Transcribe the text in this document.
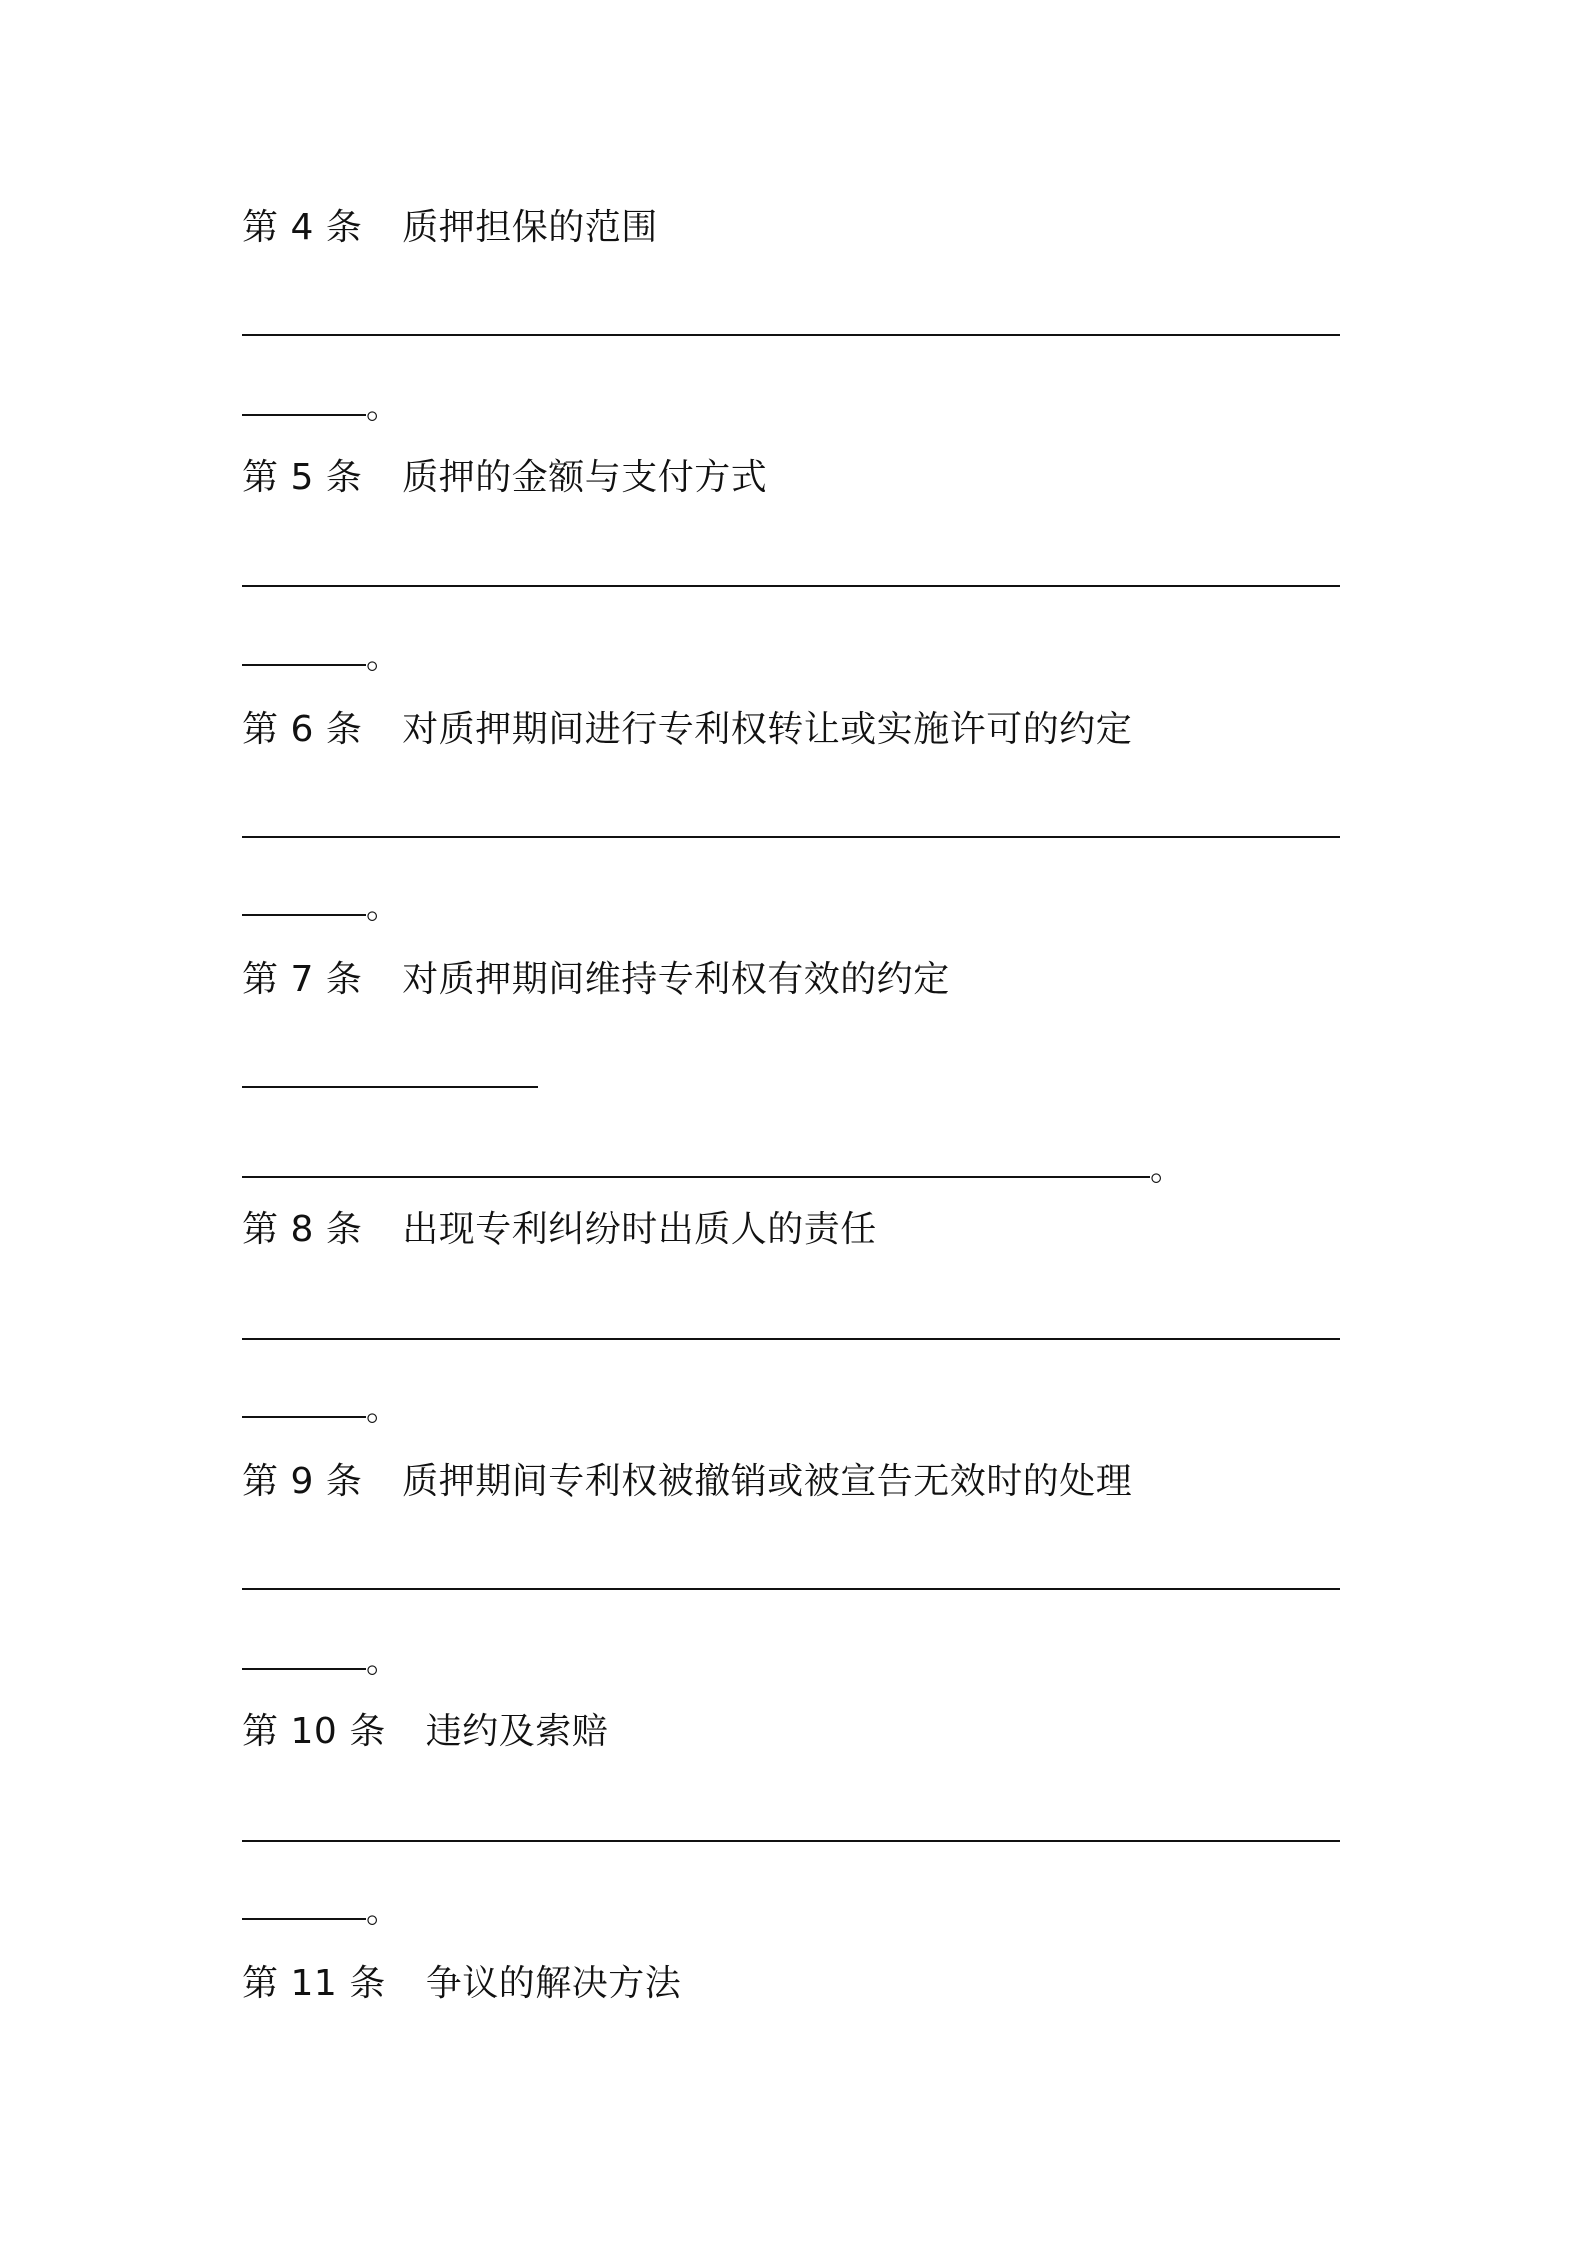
第 4 条 质押担保的范围
。
第 5 条 质押的金额与支付方式
。
第 6 条 对质押期间进行专利权转让或实施许可的约定
。
第 7 条 对质押期间维持专利权有效的约定
。
第 8 条 出现专利纠纷时出质人的责任
。
第 9 条 质押期间专利权被撤销或被宣告无效时的处理
。
第 10 条 违约及索赔
。
第 11 条 争议的解决方法
